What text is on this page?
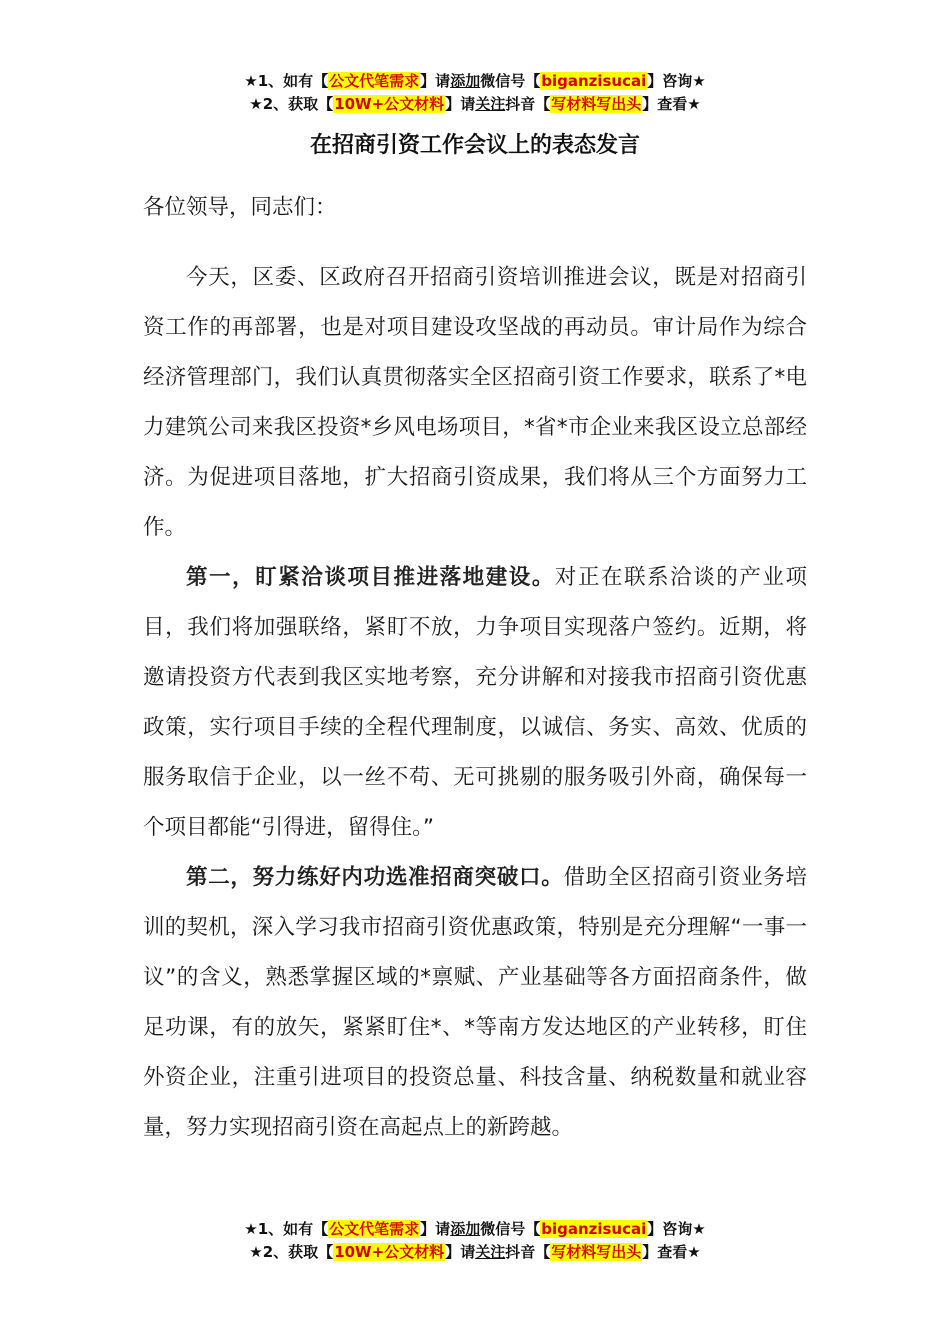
★1、如有【公文代笔需求】请添加微信号【biganzisucai】咨询★
★2、获取【10W+公文材料】请关注抖音【写材料写出头】查看★
在招商引资工作会议上的表态发言

各位领导，同志们：

今天，区委、区政府召开招商引资培训推进会议，既是对招商引资工作的再部署，也是对项目建设攻坚战的再动员。审计局作为综合经济管理部门，我们认真贯彻落实全区招商引资工作要求，联系了*电力建筑公司来我区投资*乡风电场项目，*省*市企业来我区设立总部经济。为促进项目落地，扩大招商引资成果，我们将从三个方面努力工作。

第一，盯紧洽谈项目推进落地建设。对正在联系洽谈的产业项目，我们将加强联络，紧盯不放，力争项目实现落户签约。近期，将邀请投资方代表到我区实地考察，充分讲解和对接我市招商引资优惠政策，实行项目手续的全程代理制度，以诚信、务实、高效、优质的服务取信于企业，以一丝不苟、无可挑剔的服务吸引外商，确保每一个项目都能“引得进，留得住。”

第二，努力练好内功选准招商突破口。借助全区招商引资业务培训的契机，深入学习我市招商引资优惠政策，特别是充分理解“一事一议”的含义，熟悉掌握区域的*禀赋、产业基础等各方面招商条件，做足功课，有的放矢，紧紧盯住*、*等南方发达地区的产业转移，盯住外资企业，注重引进项目的投资总量、科技含量、纳税数量和就业容量，努力实现招商引资在高起点上的新跨越。

★1、如有【公文代笔需求】请添加微信号【biganzisucai】咨询★
★2、获取【10W+公文材料】请关注抖音【写材料写出头】查看★
